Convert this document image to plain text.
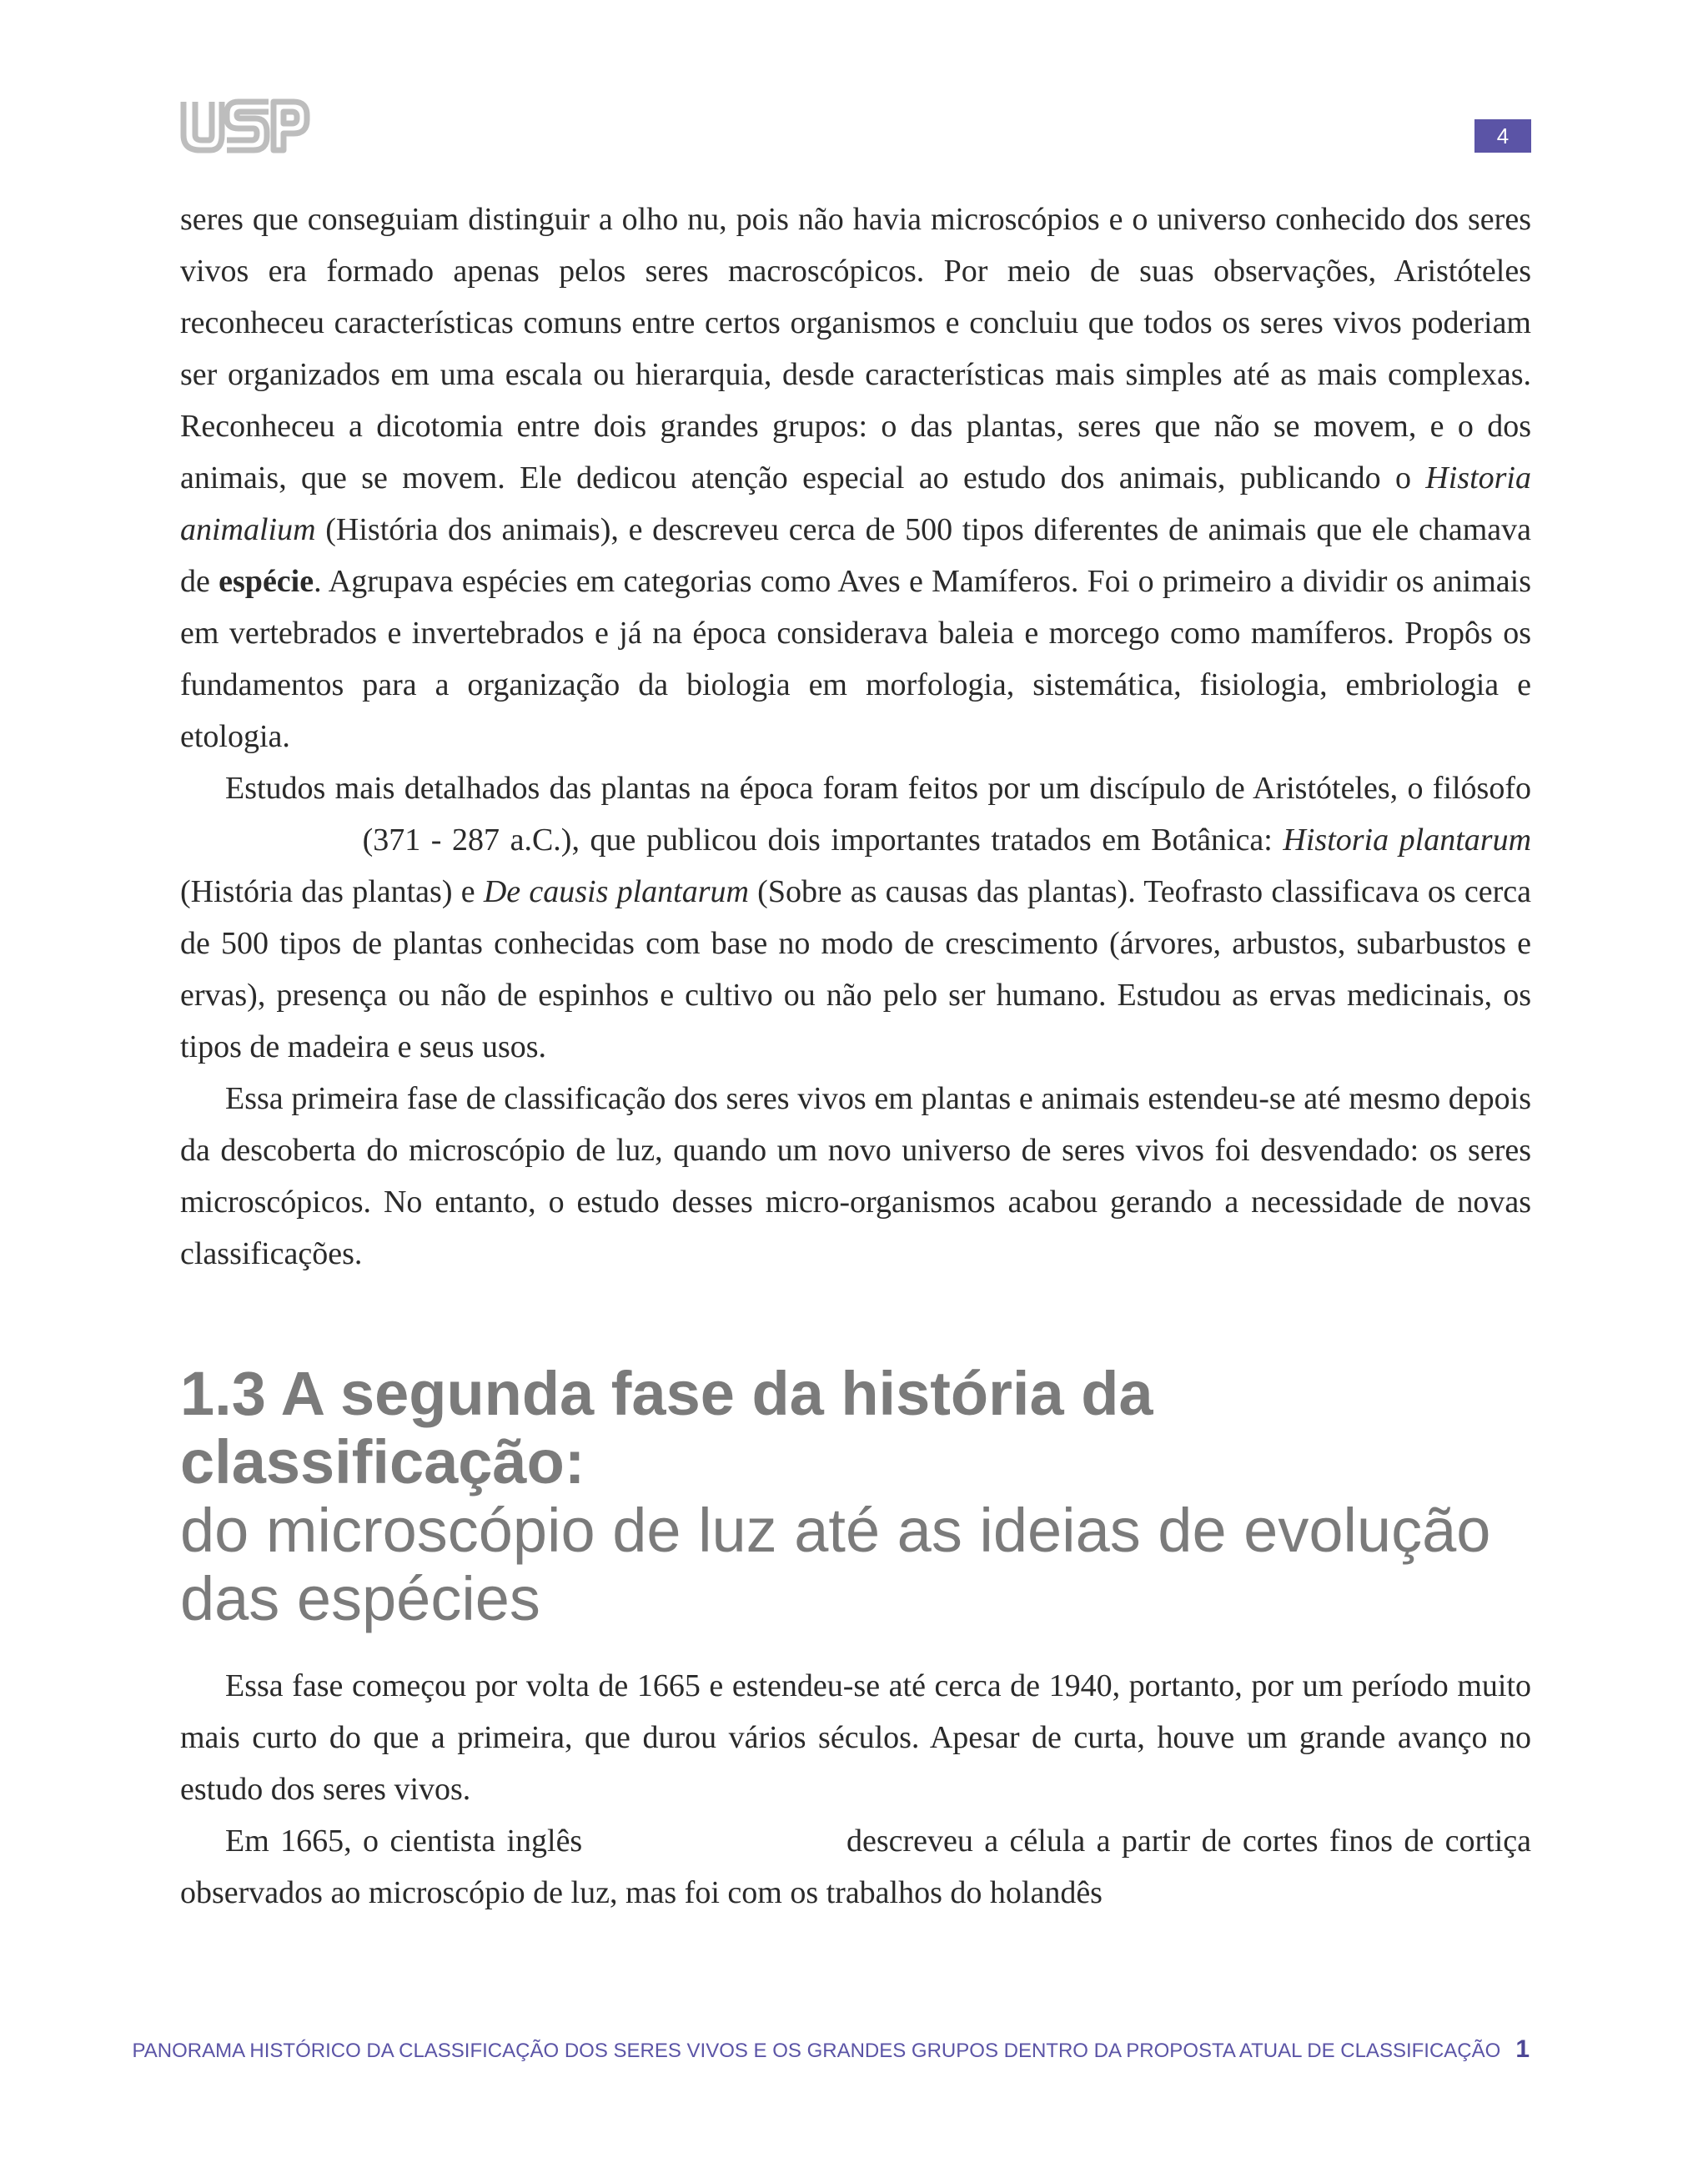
4

seres que conseguiam distinguir a olho nu, pois não havia microscópios e o universo conhecido dos seres vivos era formado apenas pelos seres macroscópicos. Por meio de suas observações, Aristóteles reconheceu características comuns entre certos organismos e concluiu que todos os seres vivos poderiam ser organizados em uma escala ou hierarquia, desde características mais simples até as mais complexas. Reconheceu a dicotomia entre dois grandes grupos: o das plantas, seres que não se movem, e o dos animais, que se movem. Ele dedicou atenção especial ao estudo dos animais, publicando o Historia animalium (História dos animais), e descreveu cerca de 500 tipos diferentes de animais que ele chamava de espécie. Agrupava espécies em categorias como Aves e Mamíferos. Foi o primeiro a dividir os animais em vertebrados e invertebrados e já na época considerava baleia e morcego como mamíferos. Propôs os fundamentos para a organização da biologia em morfologia, sistemática, fisiologia, embriologia e etologia.

Estudos mais detalhados das plantas na época foram feitos por um discípulo de Aristóteles, o filósofo  (371 - 287 a.C.), que publicou dois importantes tratados em Botânica: Historia plantarum (História das plantas) e De causis plantarum (Sobre as causas das plantas). Teofrasto classificava os cerca de 500 tipos de plantas conhecidas com base no modo de crescimento (árvores, arbustos, subarbustos e ervas), presença ou não de espinhos e cultivo ou não pelo ser humano. Estudou as ervas medicinais, os tipos de madeira e seus usos.

Essa primeira fase de classificação dos seres vivos em plantas e animais estendeu-se até mesmo depois da descoberta do microscópio de luz, quando um novo universo de seres vivos foi desvendado: os seres microscópicos. No entanto, o estudo desses micro-organismos acabou gerando a necessidade de novas classificações.

1.3 A segunda fase da história da classificação:
do microscópio de luz até as ideias de evolução das espécies

Essa fase começou por volta de 1665 e estendeu-se até cerca de 1940, portanto, por um período muito mais curto do que a primeira, que durou vários séculos. Apesar de curta, houve um grande avanço no estudo dos seres vivos.

Em 1665, o cientista inglês	descreveu a célula a partir de cortes finos de cortiça observados ao microscópio de luz, mas foi com os trabalhos do holandês

PANORAMA HISTÓRICO DA CLASSIFICAÇÃO DOS SERES VIVOS E OS GRANDES GRUPOS DENTRO DA PROPOSTA ATUAL DE CLASSIFICAÇÃO 1
